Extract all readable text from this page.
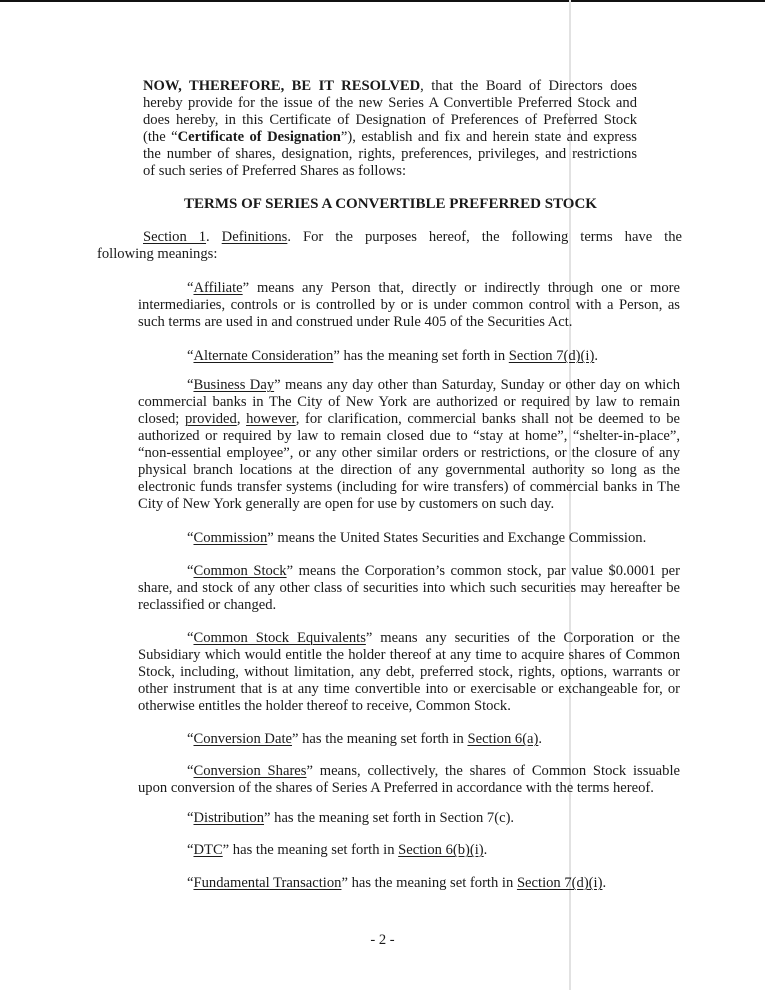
TERMS OF SERIES A CONVERTIBLE PREFERRED STOCK
- 2 -
NOW, THEREFORE, BE IT RESOLVED, that the Board of Directors does
hereby provide for the issue of the new Series A Convertible Preferred Stock and
does hereby, in this Certificate of Designation of Preferences of Preferred Stock
(the “Certificate of Designation”), establish and fix and herein state and express
the number of shares, designation, rights, preferences, privileges, and restrictions
of such series of Preferred Shares as follows:
Section 1. Definitions. For the purposes hereof, the following terms have the
following meanings:
“Affiliate” means any Person that, directly or indirectly through one or more
intermediaries, controls or is controlled by or is under common control with a Person, as
such terms are used in and construed under Rule 405 of the Securities Act.
“Alternate Consideration” has the meaning set forth in Section 7(d)(i).
“Business Day” means any day other than Saturday, Sunday or other day on which
commercial banks in The City of New York are authorized or required by law to remain
closed; provided, however, for clarification, commercial banks shall not be deemed to be
authorized or required by law to remain closed due to “stay at home”, “shelter-in-place”,
“non-essential employee”, or any other similar orders or restrictions, or the closure of any
physical branch locations at the direction of any governmental authority so long as the
electronic funds transfer systems (including for wire transfers) of commercial banks in The
City of New York generally are open for use by customers on such day.
“Commission” means the United States Securities and Exchange Commission.
“Common Stock” means the Corporation’s common stock, par value $0.0001 per
share, and stock of any other class of securities into which such securities may hereafter be
reclassified or changed.
“Common Stock Equivalents” means any securities of the Corporation or the
Subsidiary which would entitle the holder thereof at any time to acquire shares of Common
Stock, including, without limitation, any debt, preferred stock, rights, options, warrants or
other instrument that is at any time convertible into or exercisable or exchangeable for, or
otherwise entitles the holder thereof to receive, Common Stock.
“Conversion Date” has the meaning set forth in Section 6(a).
“Conversion Shares” means, collectively, the shares of Common Stock issuable
upon conversion of the shares of Series A Preferred in accordance with the terms hereof.
“Distribution” has the meaning set forth in Section 7(c).
“DTC” has the meaning set forth in Section 6(b)(i).
“Fundamental Transaction” has the meaning set forth in Section 7(d)(i).
